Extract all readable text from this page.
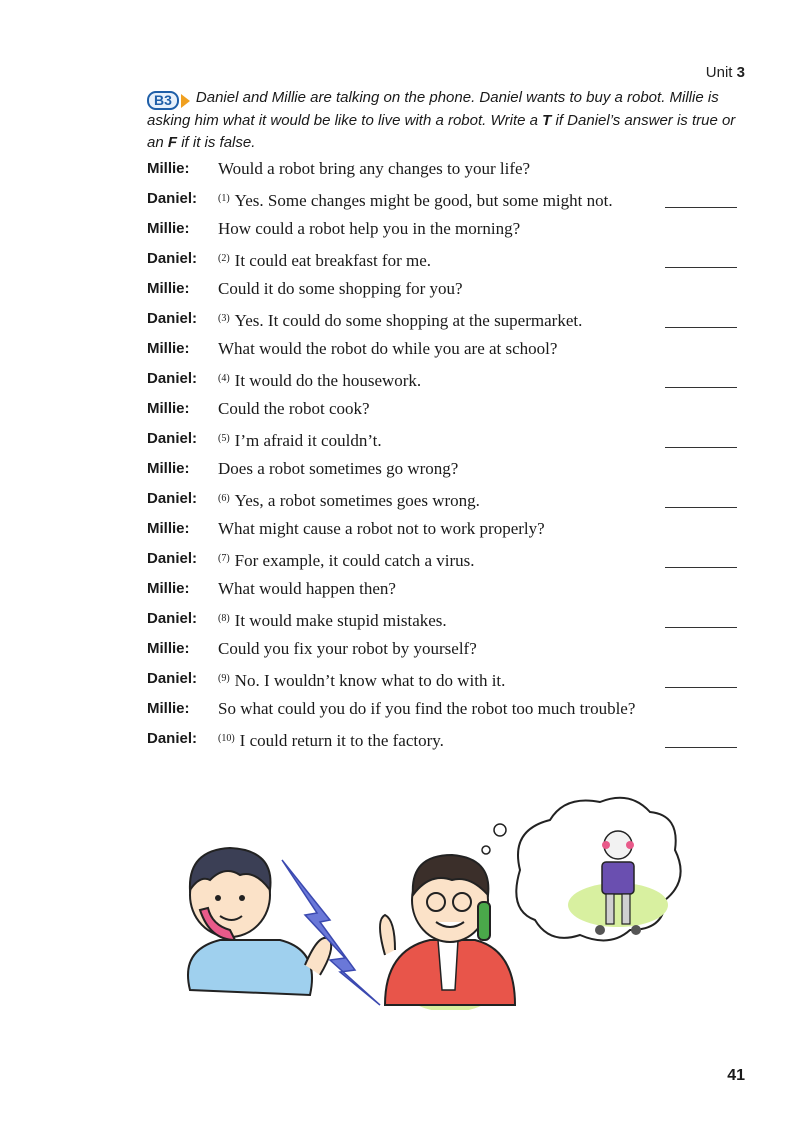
Unit 3
B3	Daniel and Millie are talking on the phone. Daniel wants to buy a robot. Millie is asking him what it would be like to live with a robot. Write a T if Daniel’s answer is true or an F if it is false.
Millie:	Would a robot bring any changes to your life?
Daniel:	$^{(1)}$ Yes. Some changes might be good, but some might not.
Millie:	How could a robot help you in the morning?
Daniel:	$^{(2)}$ It could eat breakfast for me.
Millie:	Could it do some shopping for you?
Daniel:	$^{(3)}$ Yes. It could do some shopping at the supermarket.
Millie:	What would the robot do while you are at school?
Daniel:	$^{(4)}$ It would do the housework.
Millie:	Could the robot cook?
Daniel:	$^{(5)}$ I’m afraid it couldn’t.
Millie:	Does a robot sometimes go wrong?
Daniel:	$^{(6)}$ Yes, a robot sometimes goes wrong.
Millie:	What might cause a robot not to work properly?
Daniel:	$^{(7)}$ For example, it could catch a virus.
Millie:	What would happen then?
Daniel:	$^{(8)}$ It would make stupid mistakes.
Millie:	Could you fix your robot by yourself?
Daniel:	$^{(9)}$ No. I wouldn’t know what to do with it.
Millie:	So what could you do if you find the robot too much trouble?
Daniel:	$^{(10)}$ I could return it to the factory.
41
